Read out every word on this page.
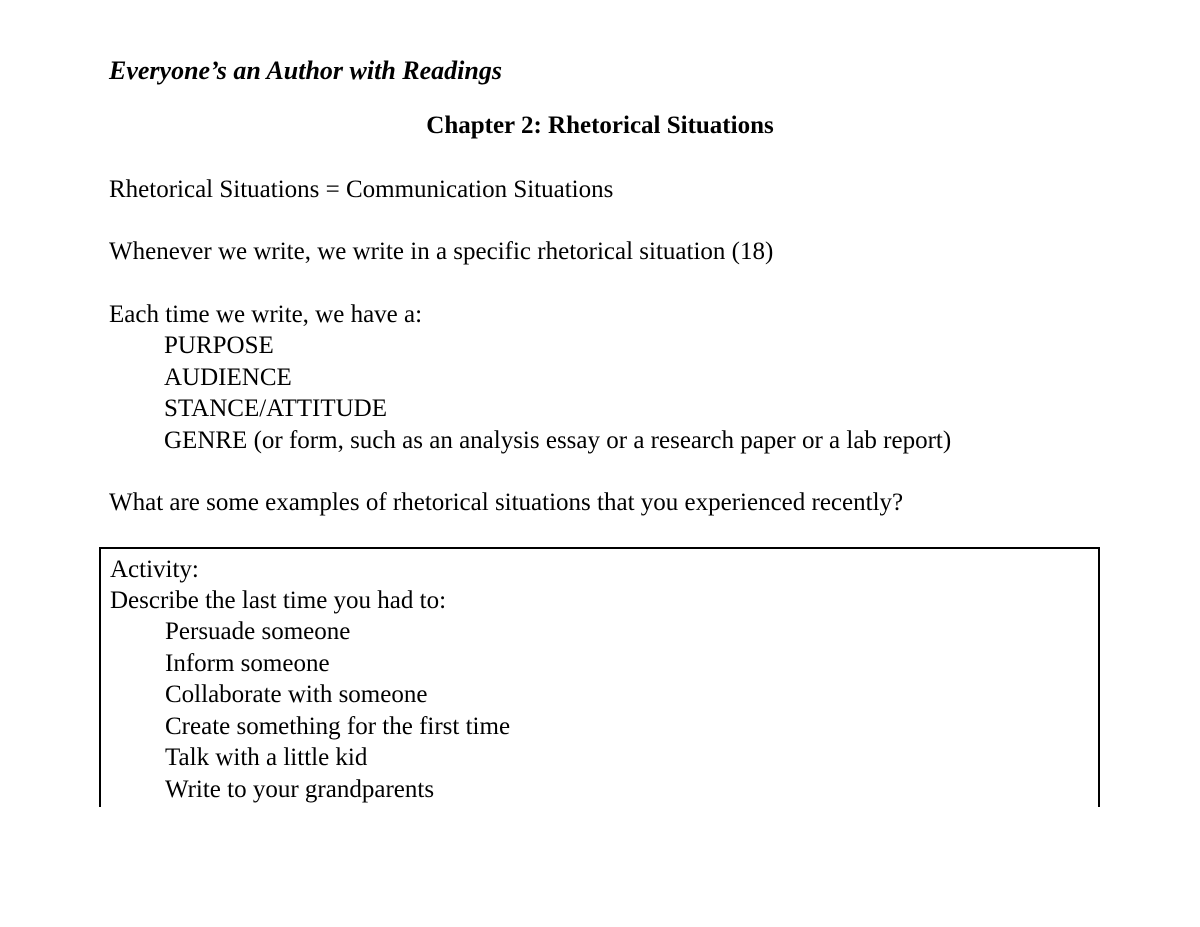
Everyone’s an Author with Readings
Chapter 2: Rhetorical Situations
Rhetorical Situations = Communication Situations
Whenever we write, we write in a specific rhetorical situation (18)
Each time we write, we have a:
PURPOSE
AUDIENCE
STANCE/ATTITUDE
GENRE (or form, such as an analysis essay or a research paper or a lab report)
What are some examples of rhetorical situations that you experienced recently?
Activity:
Describe the last time you had to:
Persuade someone
Inform someone
Collaborate with someone
Create something for the first time
Talk with a little kid
Write to your grandparents
